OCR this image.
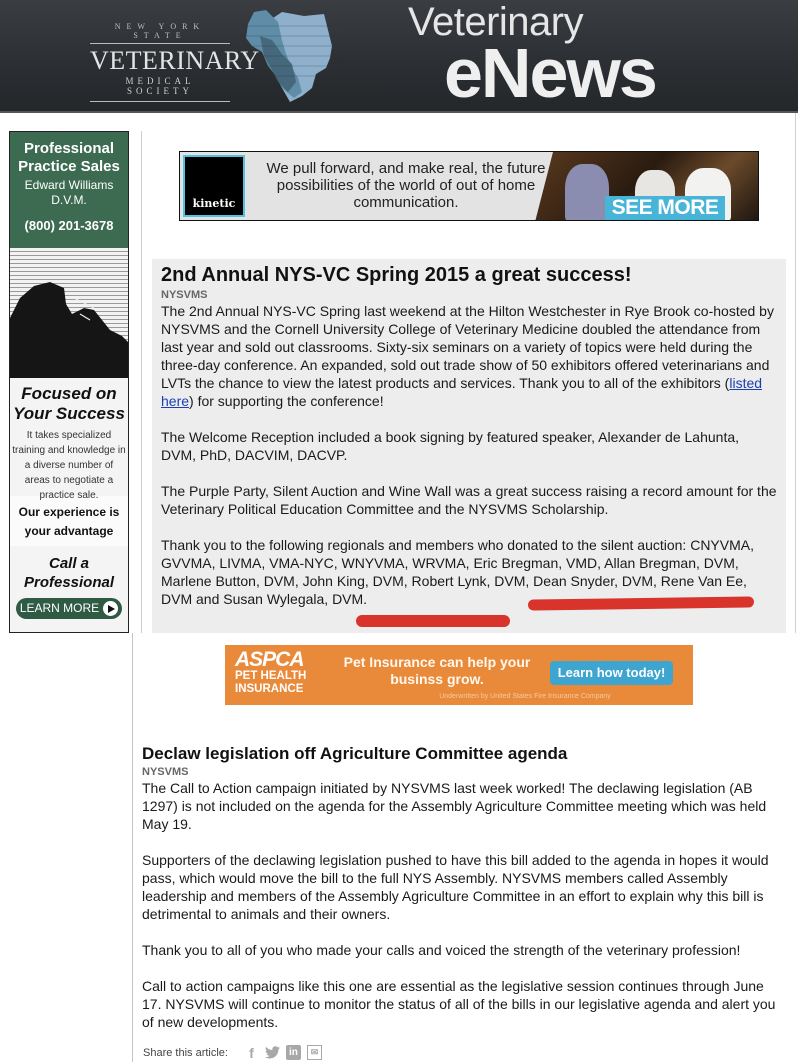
NEW YORK STATE
VETERINARY
MEDICAL SOCIETY
Veterinary
eNews
Professional Practice Sales
Edward Williams D.V.M.
(800) 201-3678
Focused on Your Success
It takes specialized training and knowledge in a diverse number of areas to negotiate a practice sale.
Our experience is your advantage
Call a Professional
LEARN MORE
kinetic
We pull forward, and make real, the future possibilities of the world of out of home communication.	SEE MORE
2nd Annual NYS-VC Spring 2015 a great success!
NYSVMS

The 2nd Annual NYS-VC Spring last weekend at the Hilton Westchester in Rye Brook co-hosted by NYSVMS and the Cornell University College of Veterinary Medicine doubled the attendance from last year and sold out classrooms. Sixty-six seminars on a variety of topics were held during the three-day conference. An expanded, sold out trade show of 50 exhibitors offered veterinarians and LVTs the chance to view the latest products and services. Thank you to all of the exhibitors (listed here) for supporting the conference!

The Welcome Reception included a book signing by featured speaker, Alexander de Lahunta, DVM, PhD, DACVIM, DACVP.

The Purple Party, Silent Auction and Wine Wall was a great success raising a record amount for the Veterinary Political Education Committee and the NYSVMS Scholarship.

Thank you to the following regionals and members who donated to the silent auction: CNYVMA, GVVMA, LIVMA, VMA-NYC, WNYVMA, WRVMA, Eric Bregman, VMD, Allan Bregman, DVM, Marlene Button, DVM, John King, DVM, Robert Lynk, DVM, Dean Snyder, DVM, Rene Van Ee, DVM and Susan Wylegala, DVM.

ASPCA
PET HEALTH
INSURANCE
Pet Insurance can help your businss grow.	Learn how today!
Underwritten by United States Fire Insurance Company
Declaw legislation off Agriculture Committee agenda
NYSVMS

The Call to Action campaign initiated by NYSVMS last week worked! The declawing legislation (AB 1297) is not included on the agenda for the Assembly Agriculture Committee meeting which was held May 19.

Supporters of the declawing legislation pushed to have this bill added to the agenda in hopes it would pass, which would move the bill to the full NYS Assembly. NYSVMS members called Assembly leadership and members of the Assembly Agriculture Committee in an effort to explain why this bill is detrimental to animals and their owners.

Thank you to all of you who made your calls and voiced the strength of the veterinary profession!

Call to action campaigns like this one are essential as the legislative session continues through June 17. NYSVMS will continue to monitor the status of all of the bills in our legislative agenda and alert you of new developments.

Share this article:	f	in	✉
